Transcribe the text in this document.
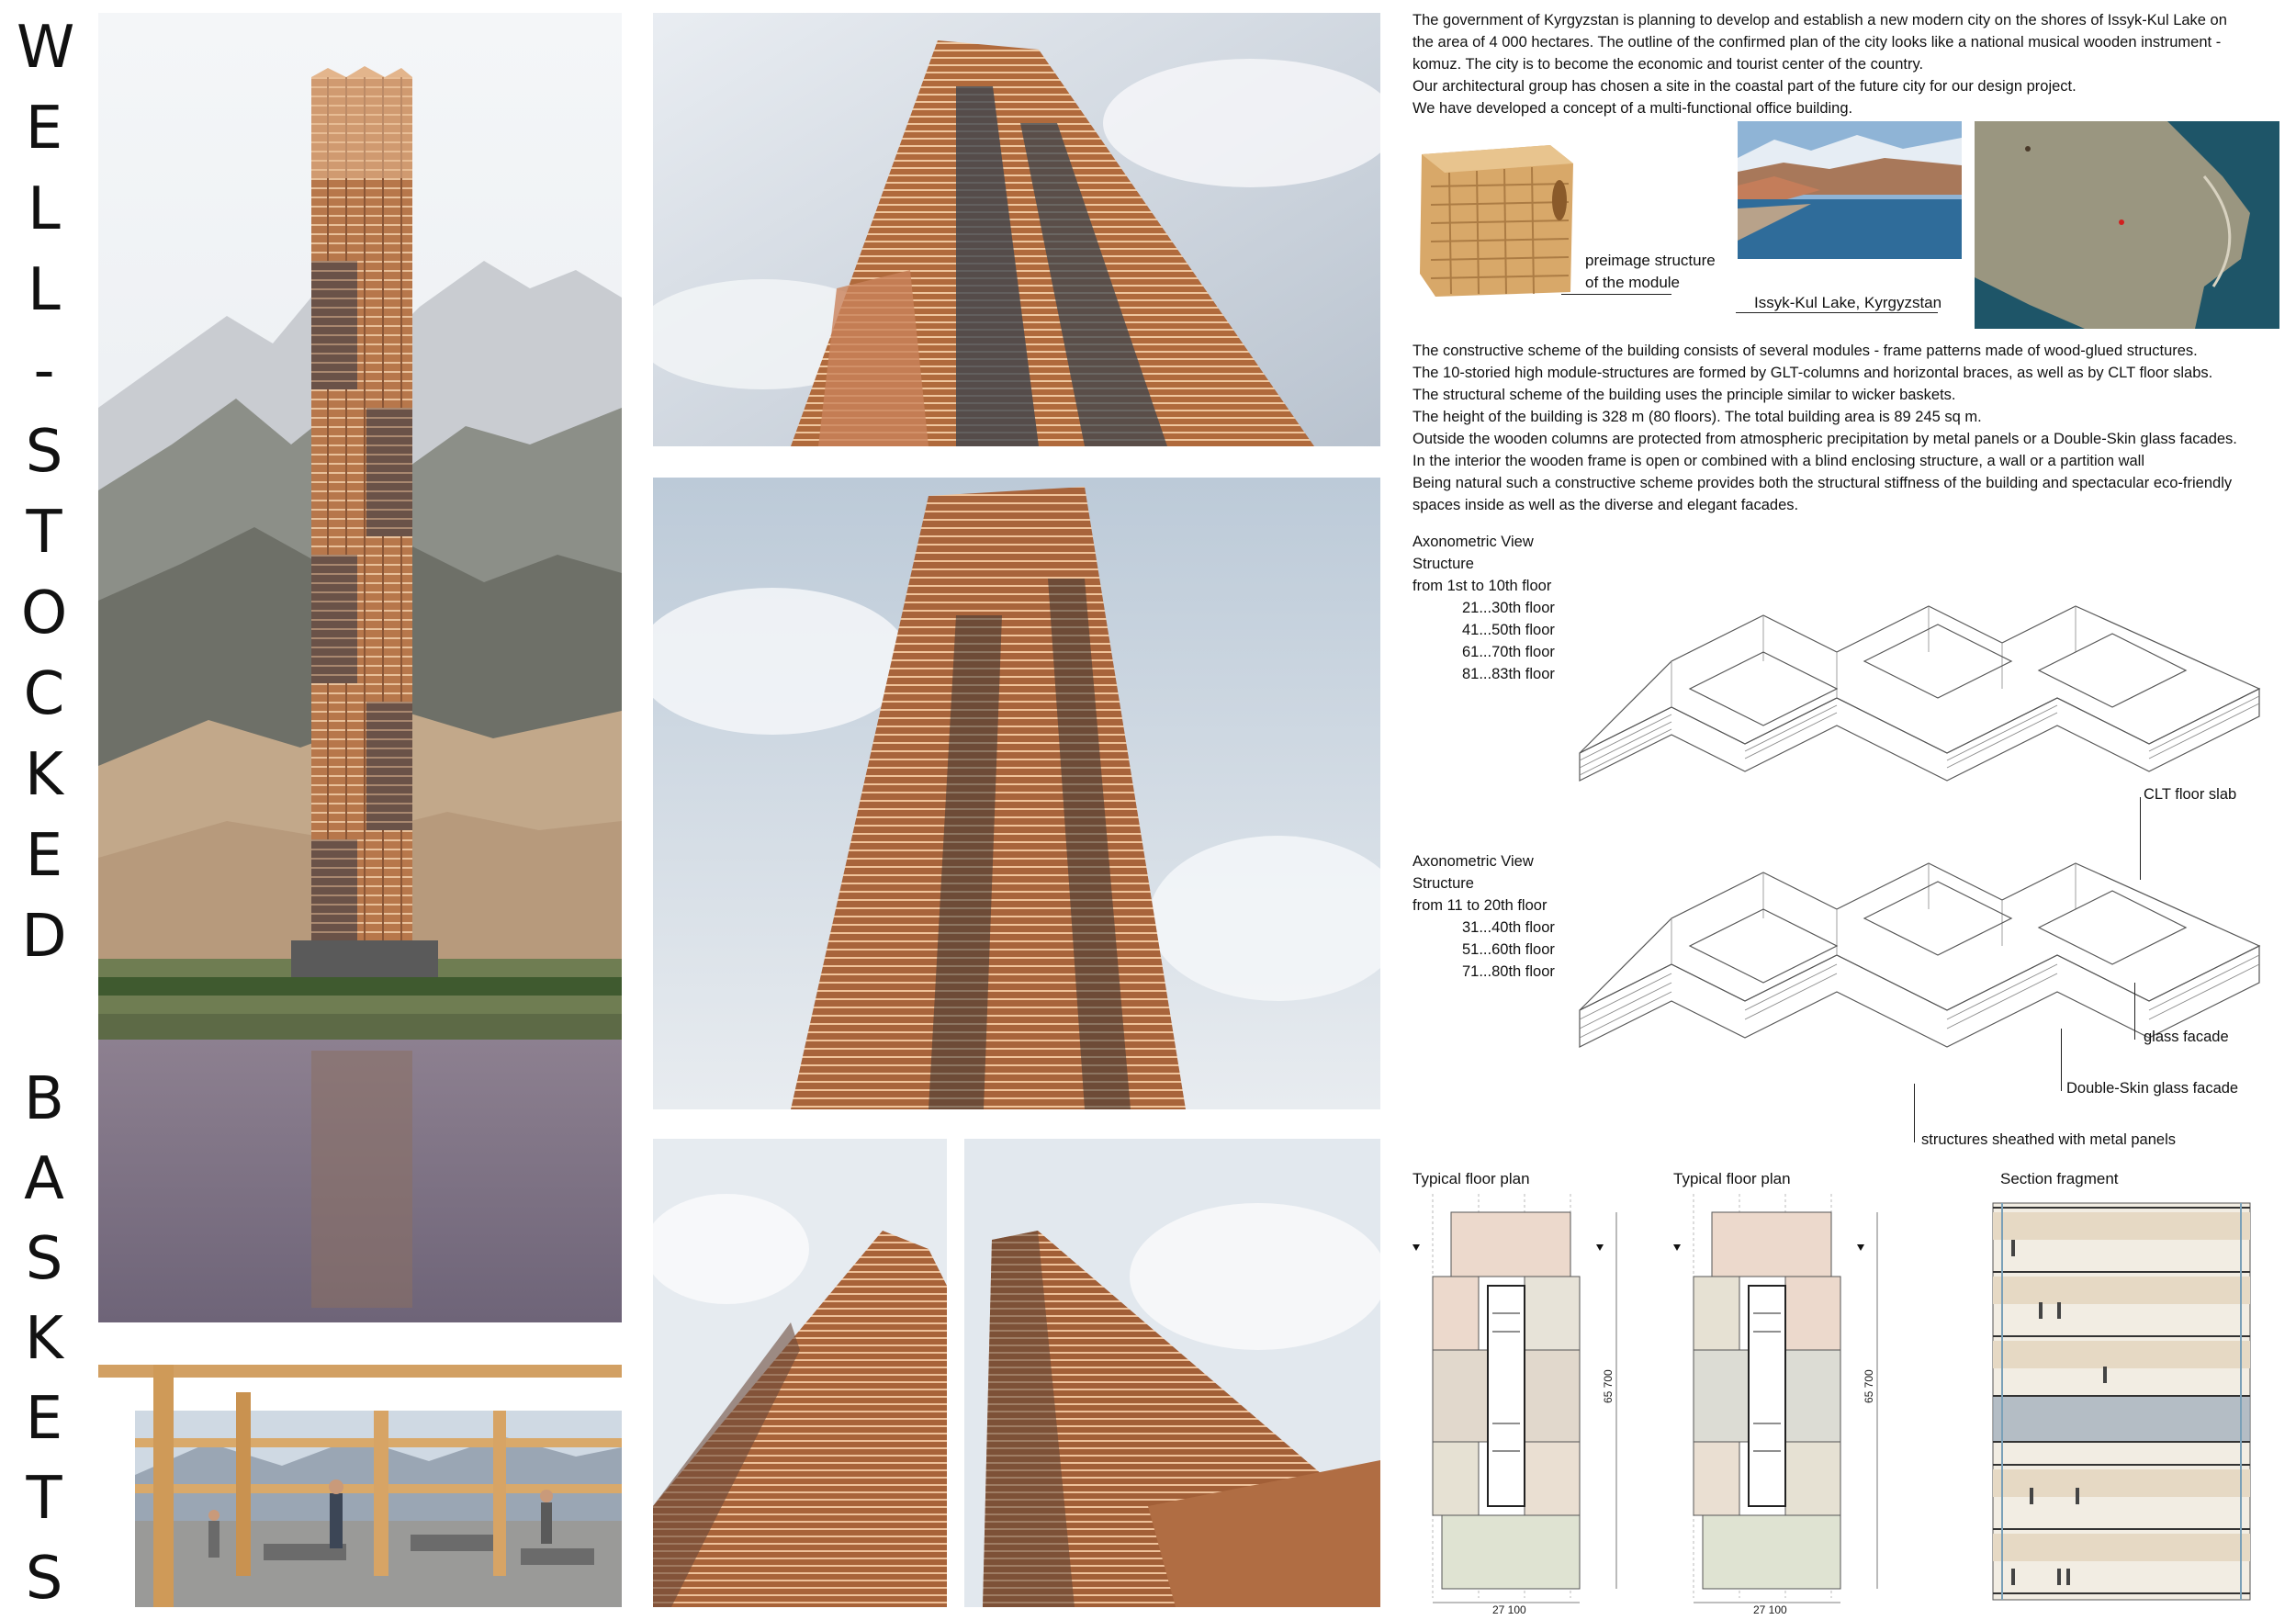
W
E
L
L
-
S
T
O
C
K
E
D
B
A
S
K
E
T
S
The government of Kyrgyzstan is planning to develop and establish a new modern city on the shores of Issyk-Kul Lake on
the area of 4 000 hectares. The outline of the confirmed plan of the city looks like a national musical wooden instrument -
komuz. The city is to become the economic and tourist center of the country.
Our architectural group has chosen a site in the coastal part of the future city for our design project.
We have developed a concept of a multi-functional office building.
preimage structure
of the module
Issyk-Kul Lake, Kyrgyzstan
The constructive scheme of the building consists of several modules - frame patterns made of wood-glued structures.
The 10-storied high module-structures are formed by GLT-columns and horizontal braces, as well as by CLT floor slabs.
The structural scheme of the building uses the principle similar to wicker baskets.
The height of the building is 328 m (80 floors). The total building area is 89 245 sq m.
Outside the wooden columns are protected from atmospheric precipitation by metal panels or a Double-Skin glass facades.
In the interior the wooden frame is open or combined with a blind enclosing structure, a wall or a partition wall
Being natural such a constructive scheme provides both the structural stiffness of the building and spectacular eco-friendly
spaces inside as well as the diverse and elegant facades.
Axonometric View
Structure
from 1st to 10th floor
21...30th floor
41...50th floor
61...70th floor
81...83th floor
Axonometric View
Structure
from 11 to 20th floor
31...40th floor
51...60th floor
71...80th floor
CLT floor slab
glass facade
Double-Skin glass facade
structures sheathed with metal panels
Typical floor plan	Typical floor plan	Section fragment
65 700
27 100
65 700
27 100
